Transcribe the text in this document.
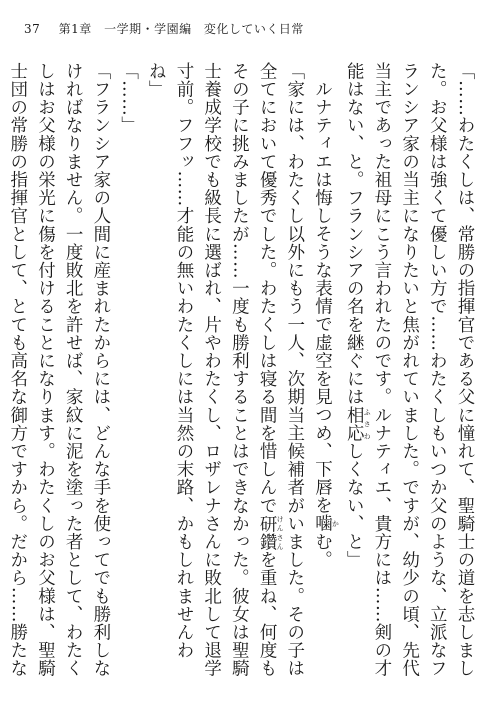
37 第1章 一学期・学園編 変化していく日常

「……わたくしは、常勝の指揮官である父に憧れて、聖騎士の道を志しました。お父様は強くて優しい方で……わたくしもいつか父のような、立派なフランシア家の当主になりたいと焦がれていました。ですが、幼少の頃、先代当主であった祖母にこう言われたのです。ルナティエ、貴方には……剣の才能はない、と。フランシアの名を継ぐには相応 ふさわしくない、と」

ルナティエは悔しそうな表情で虚空を見つめ、下唇を噛 かむ。

「家には、わたくし以外にもう一人、次期当主候補者がいました。その子は全てにおいて優秀でした。わたくしは寝る間を惜しんで研鑽 けんさんを重ね、何度もその子に挑みましたが……一度も勝利することはできなかった。彼女は聖騎士養成学校でも級長に選ばれ、片やわたくし、ロザレナさんに敗北して退学寸前。フフッ……才能の無いわたくしには当然の末路、かもしれませんわね」

「……」

「フランシア家の人間に産まれたからには、どんな手を使ってでも勝利しなければなりません。一度敗北を許せば、家紋に泥を塗った者として、わたくしはお父様の栄光に傷を付けることになります。わたくしのお父様は、聖騎士団の常勝の指揮官として、とても高名な御方ですから。だから……勝たな　　
